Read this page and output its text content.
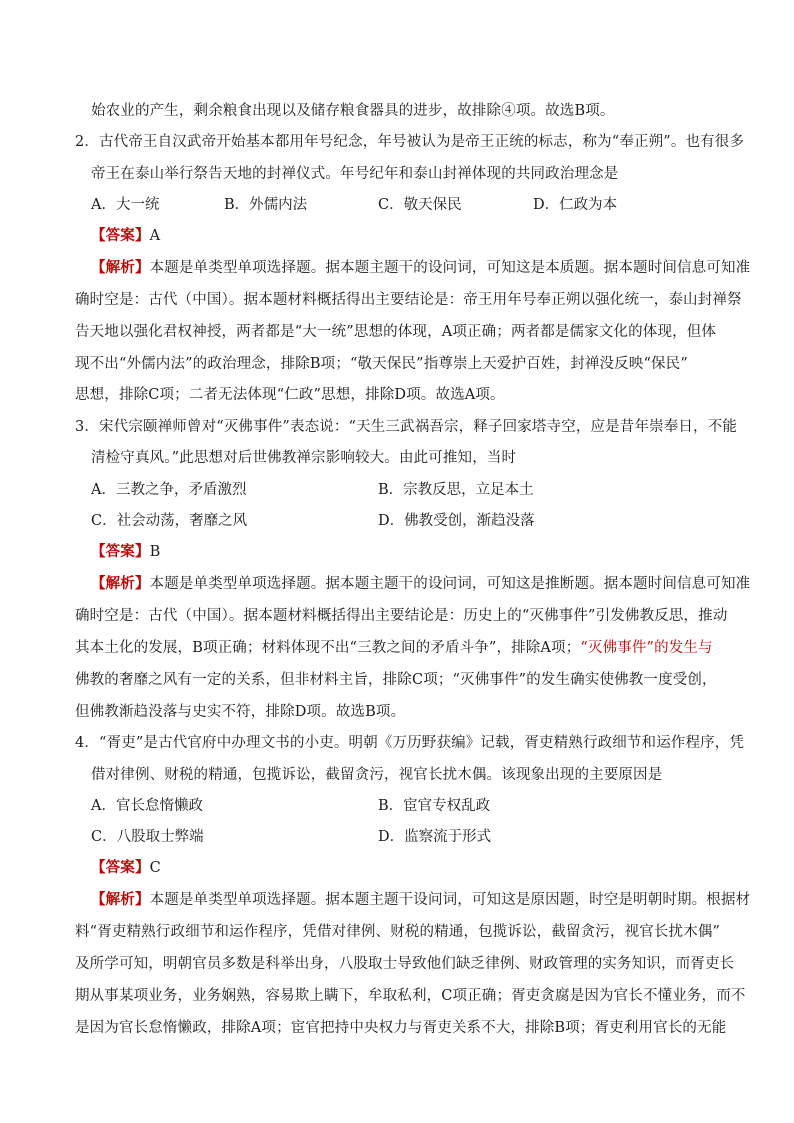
始农业的产生，剩余粮食出现以及储存粮食器具的进步，故排除④项。故选B项。
2．古代帝王自汉武帝开始基本都用年号纪念，年号被认为是帝王正统的标志，称为“奉正朔”。也有很多
帝王在泰山举行祭告天地的封禅仪式。年号纪年和泰山封禅体现的共同政治理念是
A．大一统	B．外儒内法	C．敬天保民	D．仁政为本
【答案】A
【解析】本题是单类型单项选择题。据本题主题干的设问词，可知这是本质题。据本题时间信息可知准
确时空是：古代（中国）。据本题材料概括得出主要结论是：帝王用年号奉正朔以强化统一，泰山封禅祭
告天地以强化君权神授，两者都是“大一统”思想的体现，A项正确；两者都是儒家文化的体现，但体
现不出“外儒内法”的政治理念，排除B项；“敬天保民”指尊崇上天爱护百姓，封禅没反映“保民”
思想，排除C项；二者无法体现“仁政”思想，排除D项。故选A项。
3．宋代宗颐禅师曾对“灭佛事件”表态说：“天生三武祸吾宗，释子回家塔寺空，应是昔年崇奉日，不能
清检守真风。”此思想对后世佛教禅宗影响较大。由此可推知，当时
A．三教之争，矛盾激烈	B．宗教反思，立足本土
C．社会动荡，奢靡之风	D．佛教受创，渐趋没落
【答案】B
【解析】本题是单类型单项选择题。据本题主题干的设问词，可知这是推断题。据本题时间信息可知准
确时空是：古代（中国）。据本题材料概括得出主要结论是：历史上的“灭佛事件”引发佛教反思，推动
其本土化的发展，B项正确；材料体现不出“三教之间的矛盾斗争”，排除A项；“灭佛事件”的发生与
佛教的奢靡之风有一定的关系，但非材料主旨，排除C项；“灭佛事件”的发生确实使佛教一度受创，
但佛教渐趋没落与史实不符，排除D项。故选B项。
4．“胥吏”是古代官府中办理文书的小吏。明朝《万历野获编》记载，胥吏精熟行政细节和运作程序，凭
借对律例、财税的精通，包揽诉讼，截留贪污，视官长扰木偶。该现象出现的主要原因是
A．官长怠惰懒政	B．宦官专权乱政
C．八股取士弊端	D．监察流于形式
【答案】C
【解析】本题是单类型单项选择题。据本题主题干设问词，可知这是原因题，时空是明朝时期。根据材
料“胥吏精熟行政细节和运作程序，凭借对律例、财税的精通，包揽诉讼，截留贪污，视官长扰木偶”
及所学可知，明朝官员多数是科举出身，八股取士导致他们缺乏律例、财政管理的实务知识，而胥吏长
期从事某项业务，业务娴熟，容易欺上瞒下，牟取私利，C项正确；胥吏贪腐是因为官长不懂业务，而不
是因为官长怠惰懒政，排除A项；宦官把持中央权力与胥吏关系不大，排除B项；胥吏利用官长的无能
